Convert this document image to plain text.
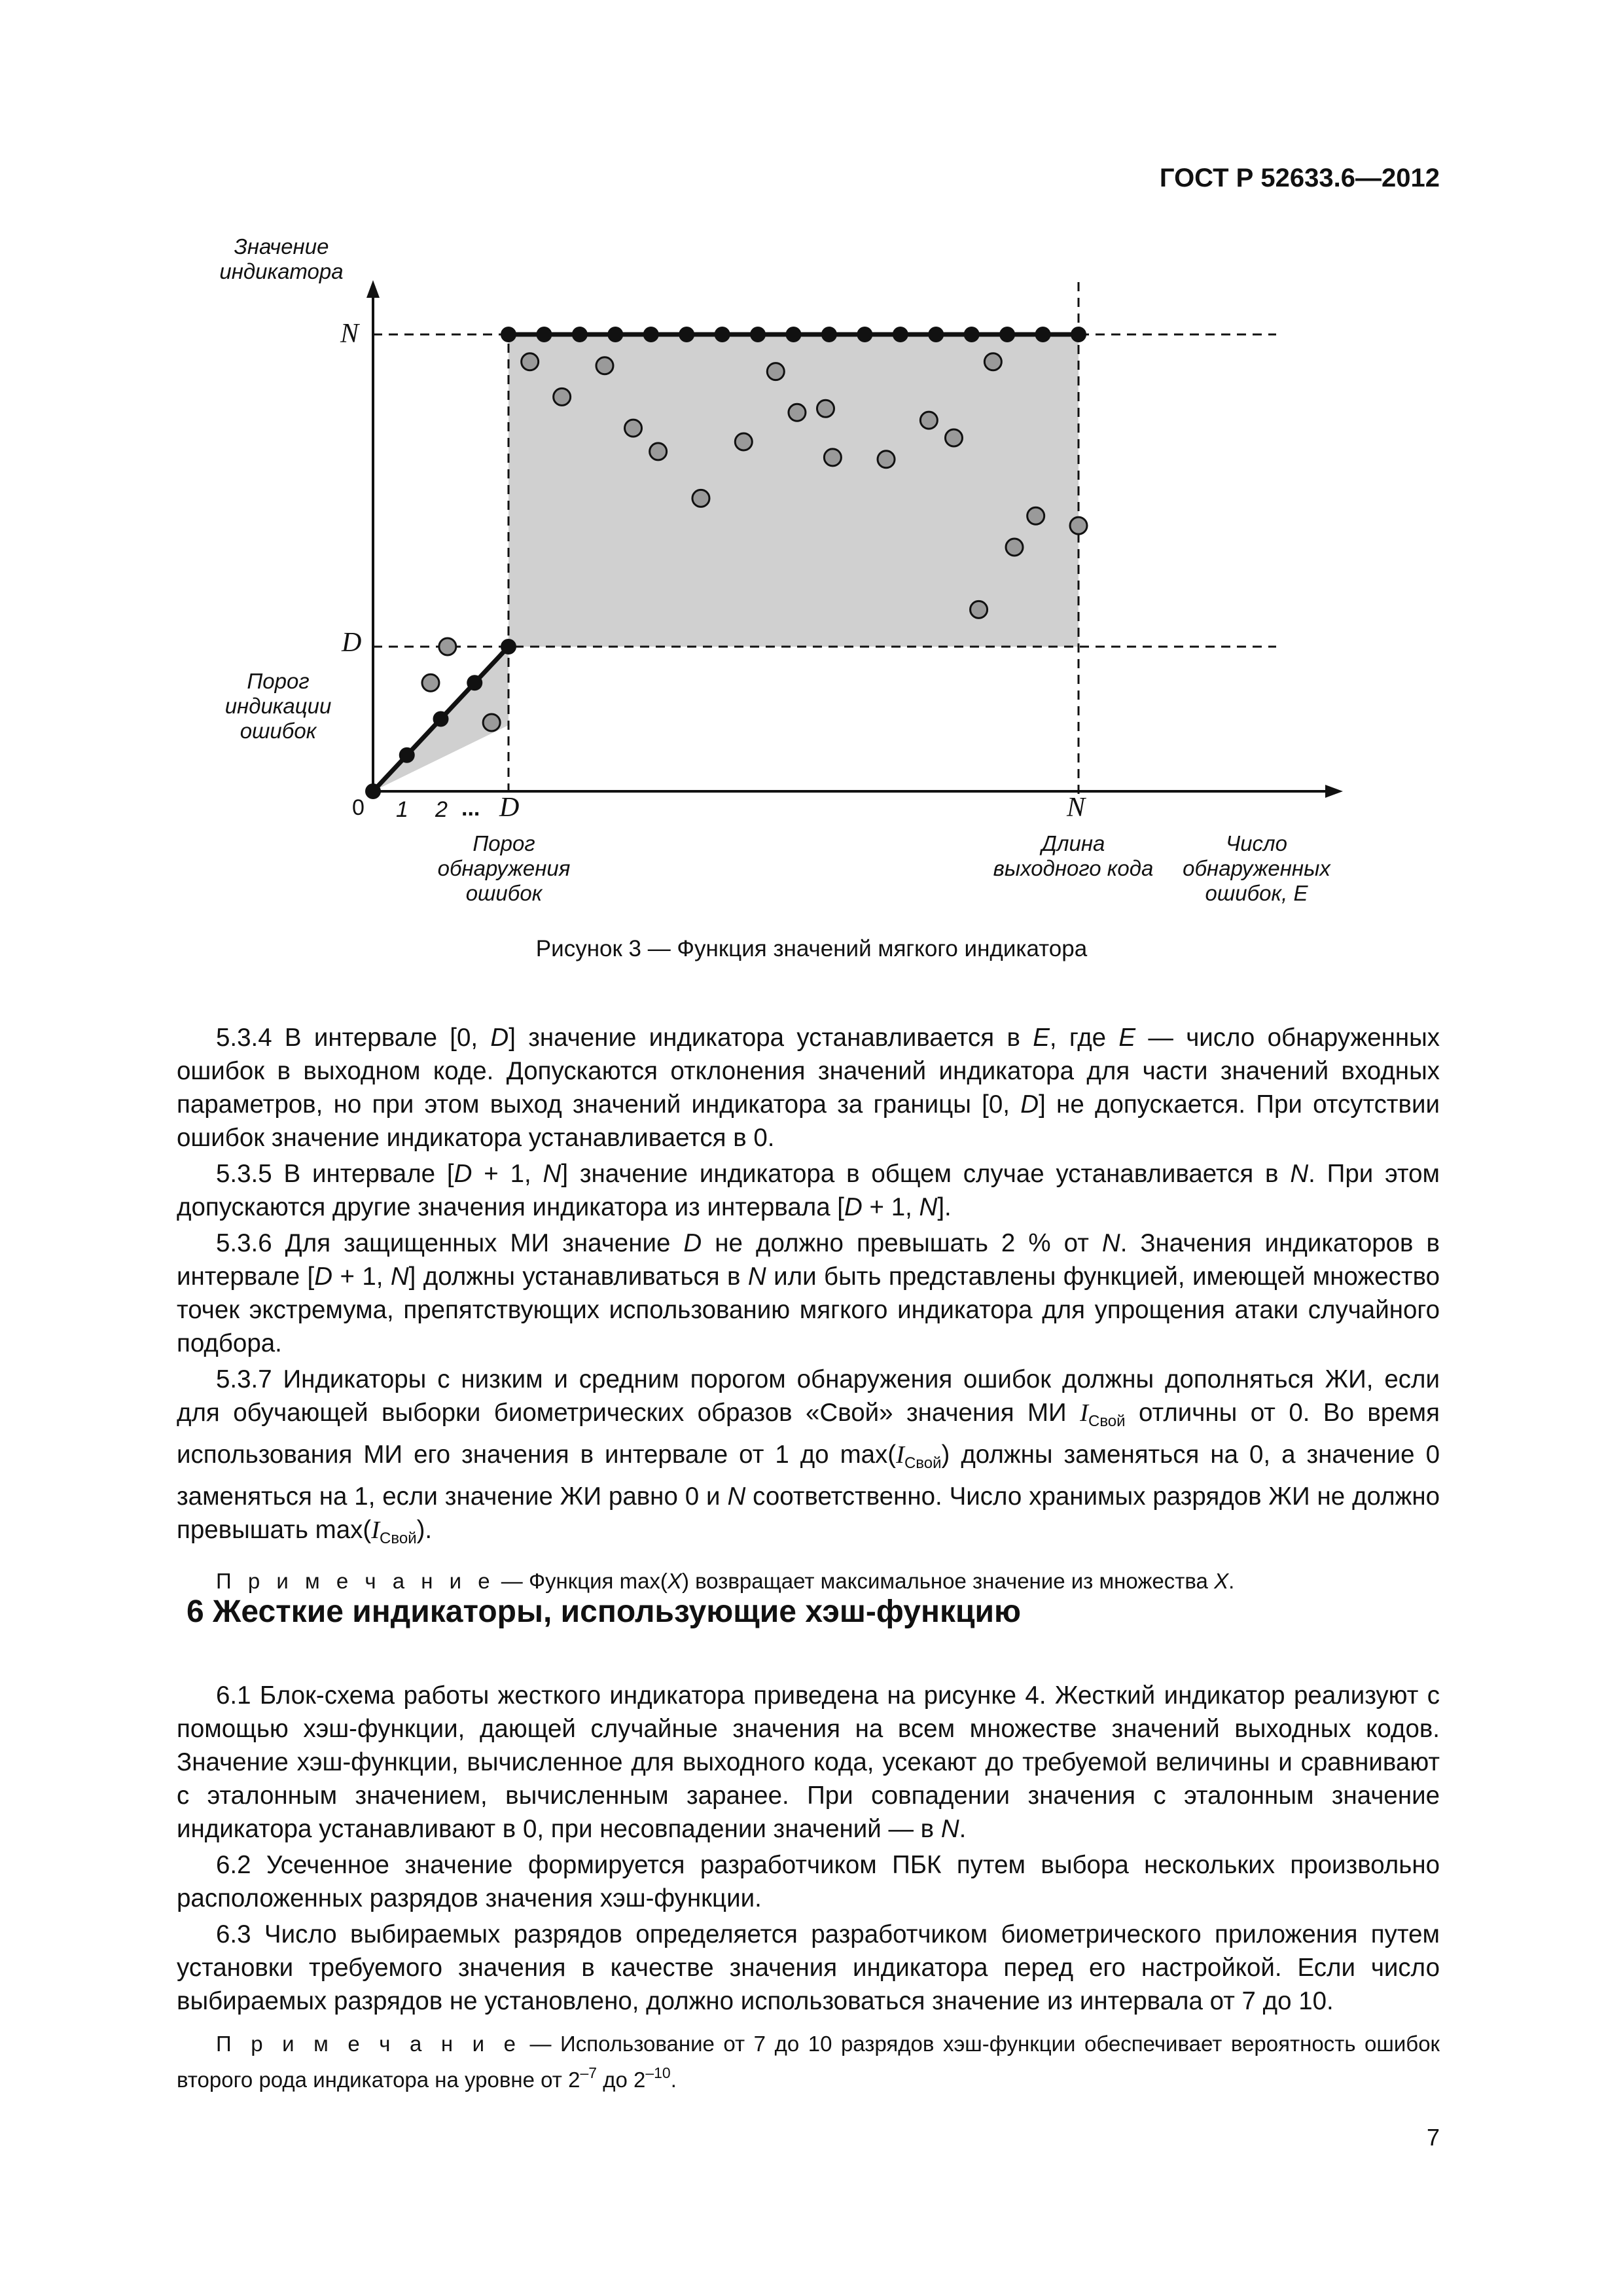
ГОСТ Р 52633.6—2012
Значение
индикатора
N
D
Порог
индикации
ошибок
0 1 2 ... D	N
Порог
обнаружения
ошибок
Длина
выходного кода
Число
обнаруженных
ошибок, E
Рисунок 3 — Функция значений мягкого индикатора

5.3.4 В интервале [0, D] значение индикатора устанавливается в E, где E — число обнаруженных ошибок в выходном коде. Допускаются отклонения значений индикатора для части значений входных параметров, но при этом выход значений индикатора за границы [0, D] не допускается. При отсутствии ошибок значение индикатора устанавливается в 0.

5.3.5 В интервале [D + 1, N] значение индикатора в общем случае устанавливается в N. При этом допускаются другие значения индикатора из интервала [D + 1, N].

5.3.6 Для защищенных МИ значение D не должно превышать 2 % от N. Значения индикаторов в интервале [D + 1, N] должны устанавливаться в N или быть представлены функцией, имеющей множество точек экстремума, препятствующих использованию мягкого индикатора для упрощения атаки случайного подбора.

5.3.7 Индикаторы с низким и средним порогом обнаружения ошибок должны дополняться ЖИ, если для обучающей выборки биометрических образов «Свой» значения МИ $I_{Свой}$ отличны от 0. Во время использования МИ его значения в интервале от 1 до $\max(I_{Свой})$ должны заменяться на 0, а значение 0 заменяться на 1, если значение ЖИ равно 0 и N соответственно. Число хранимых разрядов ЖИ не должно превышать $\max(I_{Свой})$.

П р и м е ч а н и е — Функция max(X) возвращает максимальное значение из множества X.

6 Жесткие индикаторы, использующие хэш-функцию

6.1 Блок-схема работы жесткого индикатора приведена на рисунке 4. Жесткий индикатор реализуют с помощью хэш-функции, дающей случайные значения на всем множестве значений выходных кодов. Значение хэш-функции, вычисленное для выходного кода, усекают до требуемой величины и сравнивают с эталонным значением, вычисленным заранее. При совпадении значения с эталонным значение индикатора устанавливают в 0, при несовпадении значений — в N.

6.2 Усеченное значение формируется разработчиком ПБК путем выбора нескольких произвольно расположенных разрядов значения хэш-функции.

6.3 Число выбираемых разрядов определяется разработчиком биометрического приложения путем установки требуемого значения в качестве значения индикатора перед его настройкой. Если число выбираемых разрядов не установлено, должно использоваться значение из интервала от 7 до 10.

П р и м е ч а н и е — Использование от 7 до 10 разрядов хэш-функции обеспечивает вероятность ошибок второго рода индикатора на уровне от $2^{-7}$ до $2^{-10}$.

7
